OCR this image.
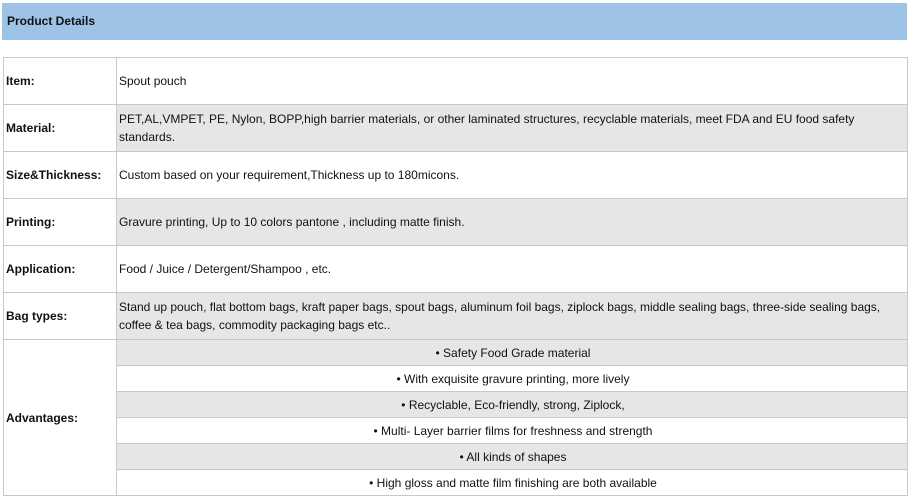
Product Details
Item:	Spout pouch
Material:	PET,AL,VMPET, PE, Nylon, BOPP,high barrier materials, or other laminated structures, recyclable materials, meet FDA and EU food safety standards.
Size&Thickness:	Custom based on your requirement,Thickness up to 180micons.
Printing:	Gravure printing, Up to 10 colors pantone , including matte finish.
Application:	Food / Juice / Detergent/Shampoo , etc.
Bag types:	Stand up pouch, flat bottom bags, kraft paper bags, spout bags, aluminum foil bags, ziplock bags, middle sealing bags, three-side sealing bags, coffee & tea bags, commodity packaging bags etc..
Advantages:	• Safety Food Grade material
	• With exquisite gravure printing, more lively
	• Recyclable, Eco-friendly, strong, Ziplock,
	• Multi- Layer barrier films for freshness and strength
	• All kinds of shapes
	• High gloss and matte film finishing are both available
